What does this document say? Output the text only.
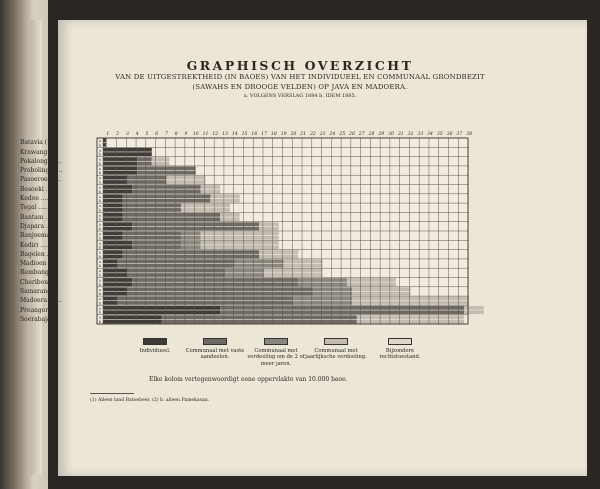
GRAPHISCH OVERZICHT
VAN DE UITGESTREKTHEID (IN BAOES) VAN HET INDIVIDUEEL EN COMMUNAAL GRONDBEZIT
(SAWAHS EN DROOGE VELDEN) OP JAVA EN MADOERA.
a. VOLGENS VERSLAG 1884 b. IDEM 1885.
Batavia (¹) ..
Krawang ....
Pekalongan ..
Probolinggo ..
Pasoeroean ..
Besoeki ....
Kedoe ......
Tegal ......
Bantam .....
Djapara ....
Banjoemas ..
Kediri .....
Bagelen ....
Madioen ....
Rembang ....
Cheribon ...
Samarang ...
Madoera (²) ..
Preanger ...
Soerabaja ..
1 2 3 4 5 6 7 8 9 10 11 12 13 14 15 16 17 18 19 20 21 22 23 24 25 26 27 28 29 30 31 32 33 34 35 36 37 38
a
b
a
b
a
b
a
b
a
b
a
b
a
b
a
b
a
b
a
b
a
b
a
b
a
b
a
b
a
b
a
b
a
b
a
b
a
b
a
b
Individueel.	Communaal met vaste aandeelen.
Communaal met verdeeling om de 2 of meer jaren.
Communaal met jaarlijksche verdeeling.
Bijzondere rechtstoestand.
Elke kolom vertegenwoordigt eene oppervlakte van 10.000 baoe.
(1) Alleen land Batoebeer. (2) b. alleen Pamekasan.
